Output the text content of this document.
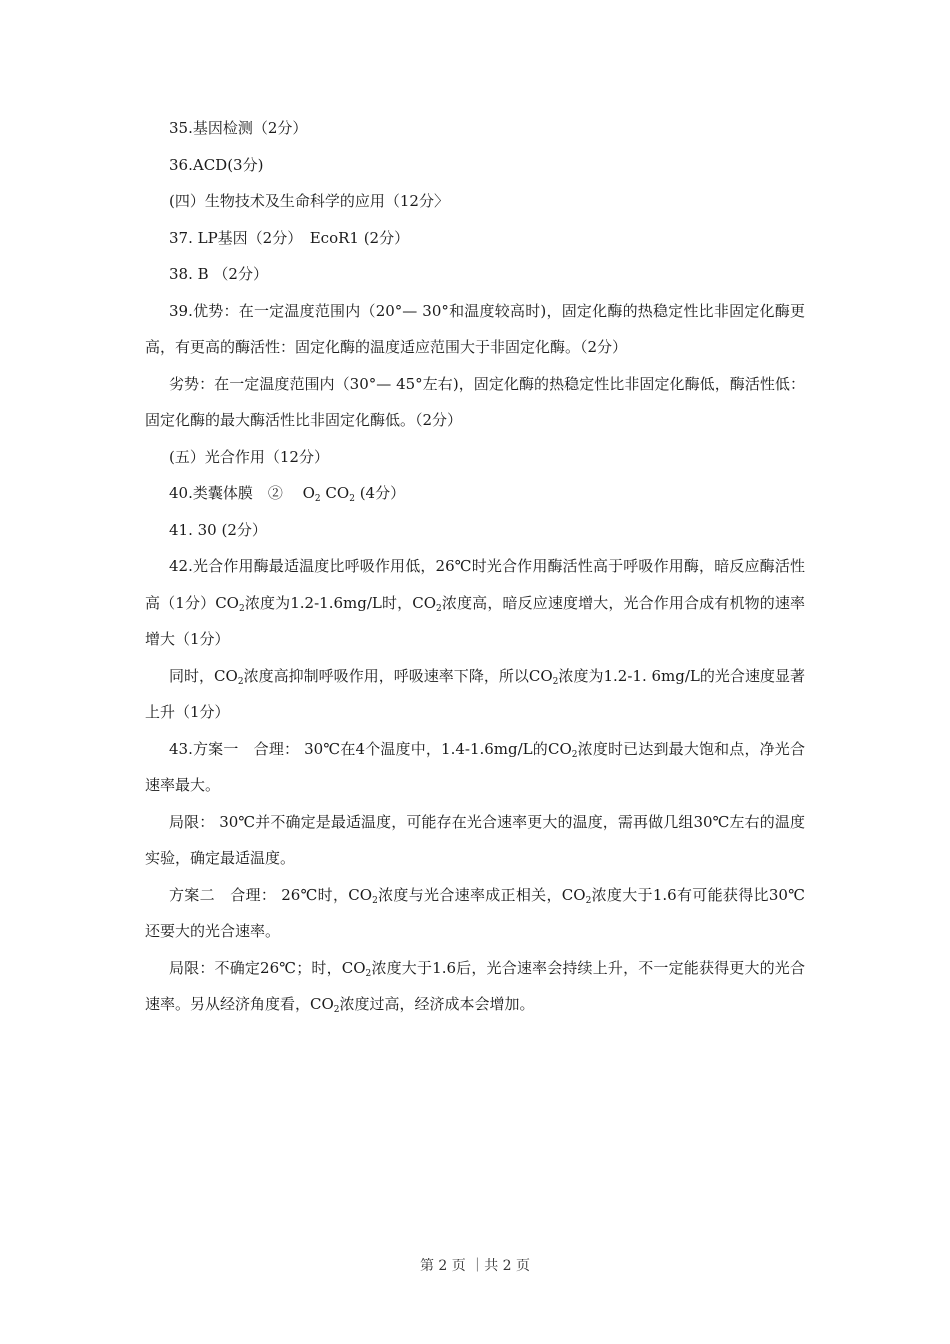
35.基因检测（2分）

36.ACD(3分)

(四）生物技术及生命科学的应用（12分〉

37. LP基因（2分）　EcoR1 (2分）

38. B （2分）

39.优势：在一定温度范围内（20°— 30°和温度较高时)，固定化酶的热稳定性比非固定化酶更高，有更高的酶活性：固定化酶的温度适应范围大于非固定化酶。（2分）

劣势：在一定温度范围内（30°— 45°左右)，固定化酶的热稳定性比非固定化酶低，酶活性低：固定化酶的最大酶活性比非固定化酶低。（2分）

(五）光合作用（12分）

40.类囊体膜　②　 $O_2$ $CO_2$ (4分）

41. 30 (2分）

42.光合作用酶最适温度比呼吸作用低，26℃时光合作用酶活性高于呼吸作用酶，暗反应酶活性高（1分）$CO_2$浓度为1.2-1.6mg/L时，$CO_2$浓度高，暗反应速度增大，光合作用合成有机物的速率增大（1分）

同时，$CO_2$浓度高抑制呼吸作用，呼吸速率下降，所以$CO_2$浓度为1.2-1. 6mg/L的光合速度显著上升（1分）

43.方案一　合理： 30℃在4个温度中，1.4-1.6mg/L的$CO_2$浓度时已达到最大饱和点，净光合速率最大。

局限： 30℃并不确定是最适温度，可能存在光合速率更大的温度，需再做几组30℃左右的温度实验，确定最适温度。

方案二　合理： 26℃时，$CO_2$浓度与光合速率成正相关，$CO_2$浓度大于1.6有可能获得比30℃还要大的光合速率。

局限：不确定26℃；时，$CO_2$浓度大于1.6后，光合速率会持续上升，不一定能获得更大的光合速率。另从经济角度看，$CO_2$浓度过高，经济成本会增加。

第 2 页 ｜共 2 页
